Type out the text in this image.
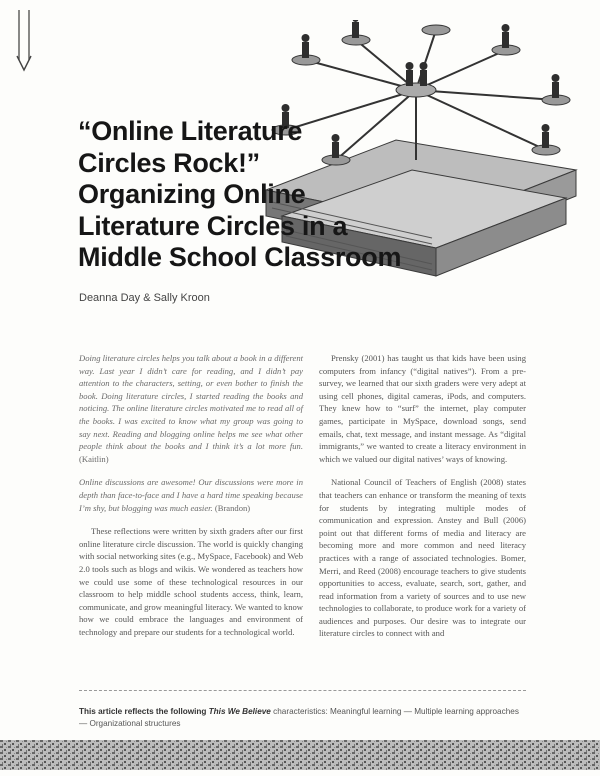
“Online Literature
Circles Rock!”
Organizing Online
Literature Circles in a
Middle School Classroom
Deanna Day & Sally Kroon

Doing literature circles helps you talk about a book in a different way. Last year I didn’t care for reading, and I didn’t pay attention to the characters, setting, or even bother to finish the book. Doing literature circles, I started reading the books and noticing. The online literature circles motivated me to read all of the books. I was excited to know what my group was going to say next. Reading and blogging online helps me see what other people think about the books and I think it’s a lot more fun. (Kaitlin)

Online discussions are awesome! Our discussions were more in depth than face-to-face and I have a hard time speaking because I’m shy, but blogging was much easier. (Brandon)

These reflections were written by sixth graders after our first online literature circle discussion. The world is quickly changing with social networking sites (e.g., MySpace, Facebook) and Web 2.0 tools such as blogs and wikis. We wondered as teachers how we could use some of these technological resources in our classroom to help middle school students access, think, learn, communicate, and grow meaningful literacy. We wanted to know how we could embrace the languages and environment of technology and prepare our students for a technological world.

Prensky (2001) has taught us that kids have been using computers from infancy (“digital natives”). From a pre-survey, we learned that our sixth graders were very adept at using cell phones, digital cameras, iPods, and computers. They knew how to “surf” the internet, play computer games, participate in MySpace, download songs, send emails, chat, text message, and instant message. As “digital immigrants,” we wanted to create a literacy environment in which we valued our digital natives’ ways of knowing.

National Council of Teachers of English (2008) states that teachers can enhance or transform the meaning of texts for students by integrating multiple modes of communication and expression. Anstey and Bull (2006) point out that different forms of media and literacy are becoming more and more common and need literacy practices with a range of associated technologies. Bomer, Merri, and Reed (2008) encourage teachers to give students opportunities to access, evaluate, search, sort, gather, and read information from a variety of sources and to use new technologies to collaborate, to produce work for a variety of audiences and purposes. Our desire was to integrate our literature circles to connect with and

This article reflects the following This We Believe characteristics: Meaningful learning — Multiple learning approaches — Organizational structures
